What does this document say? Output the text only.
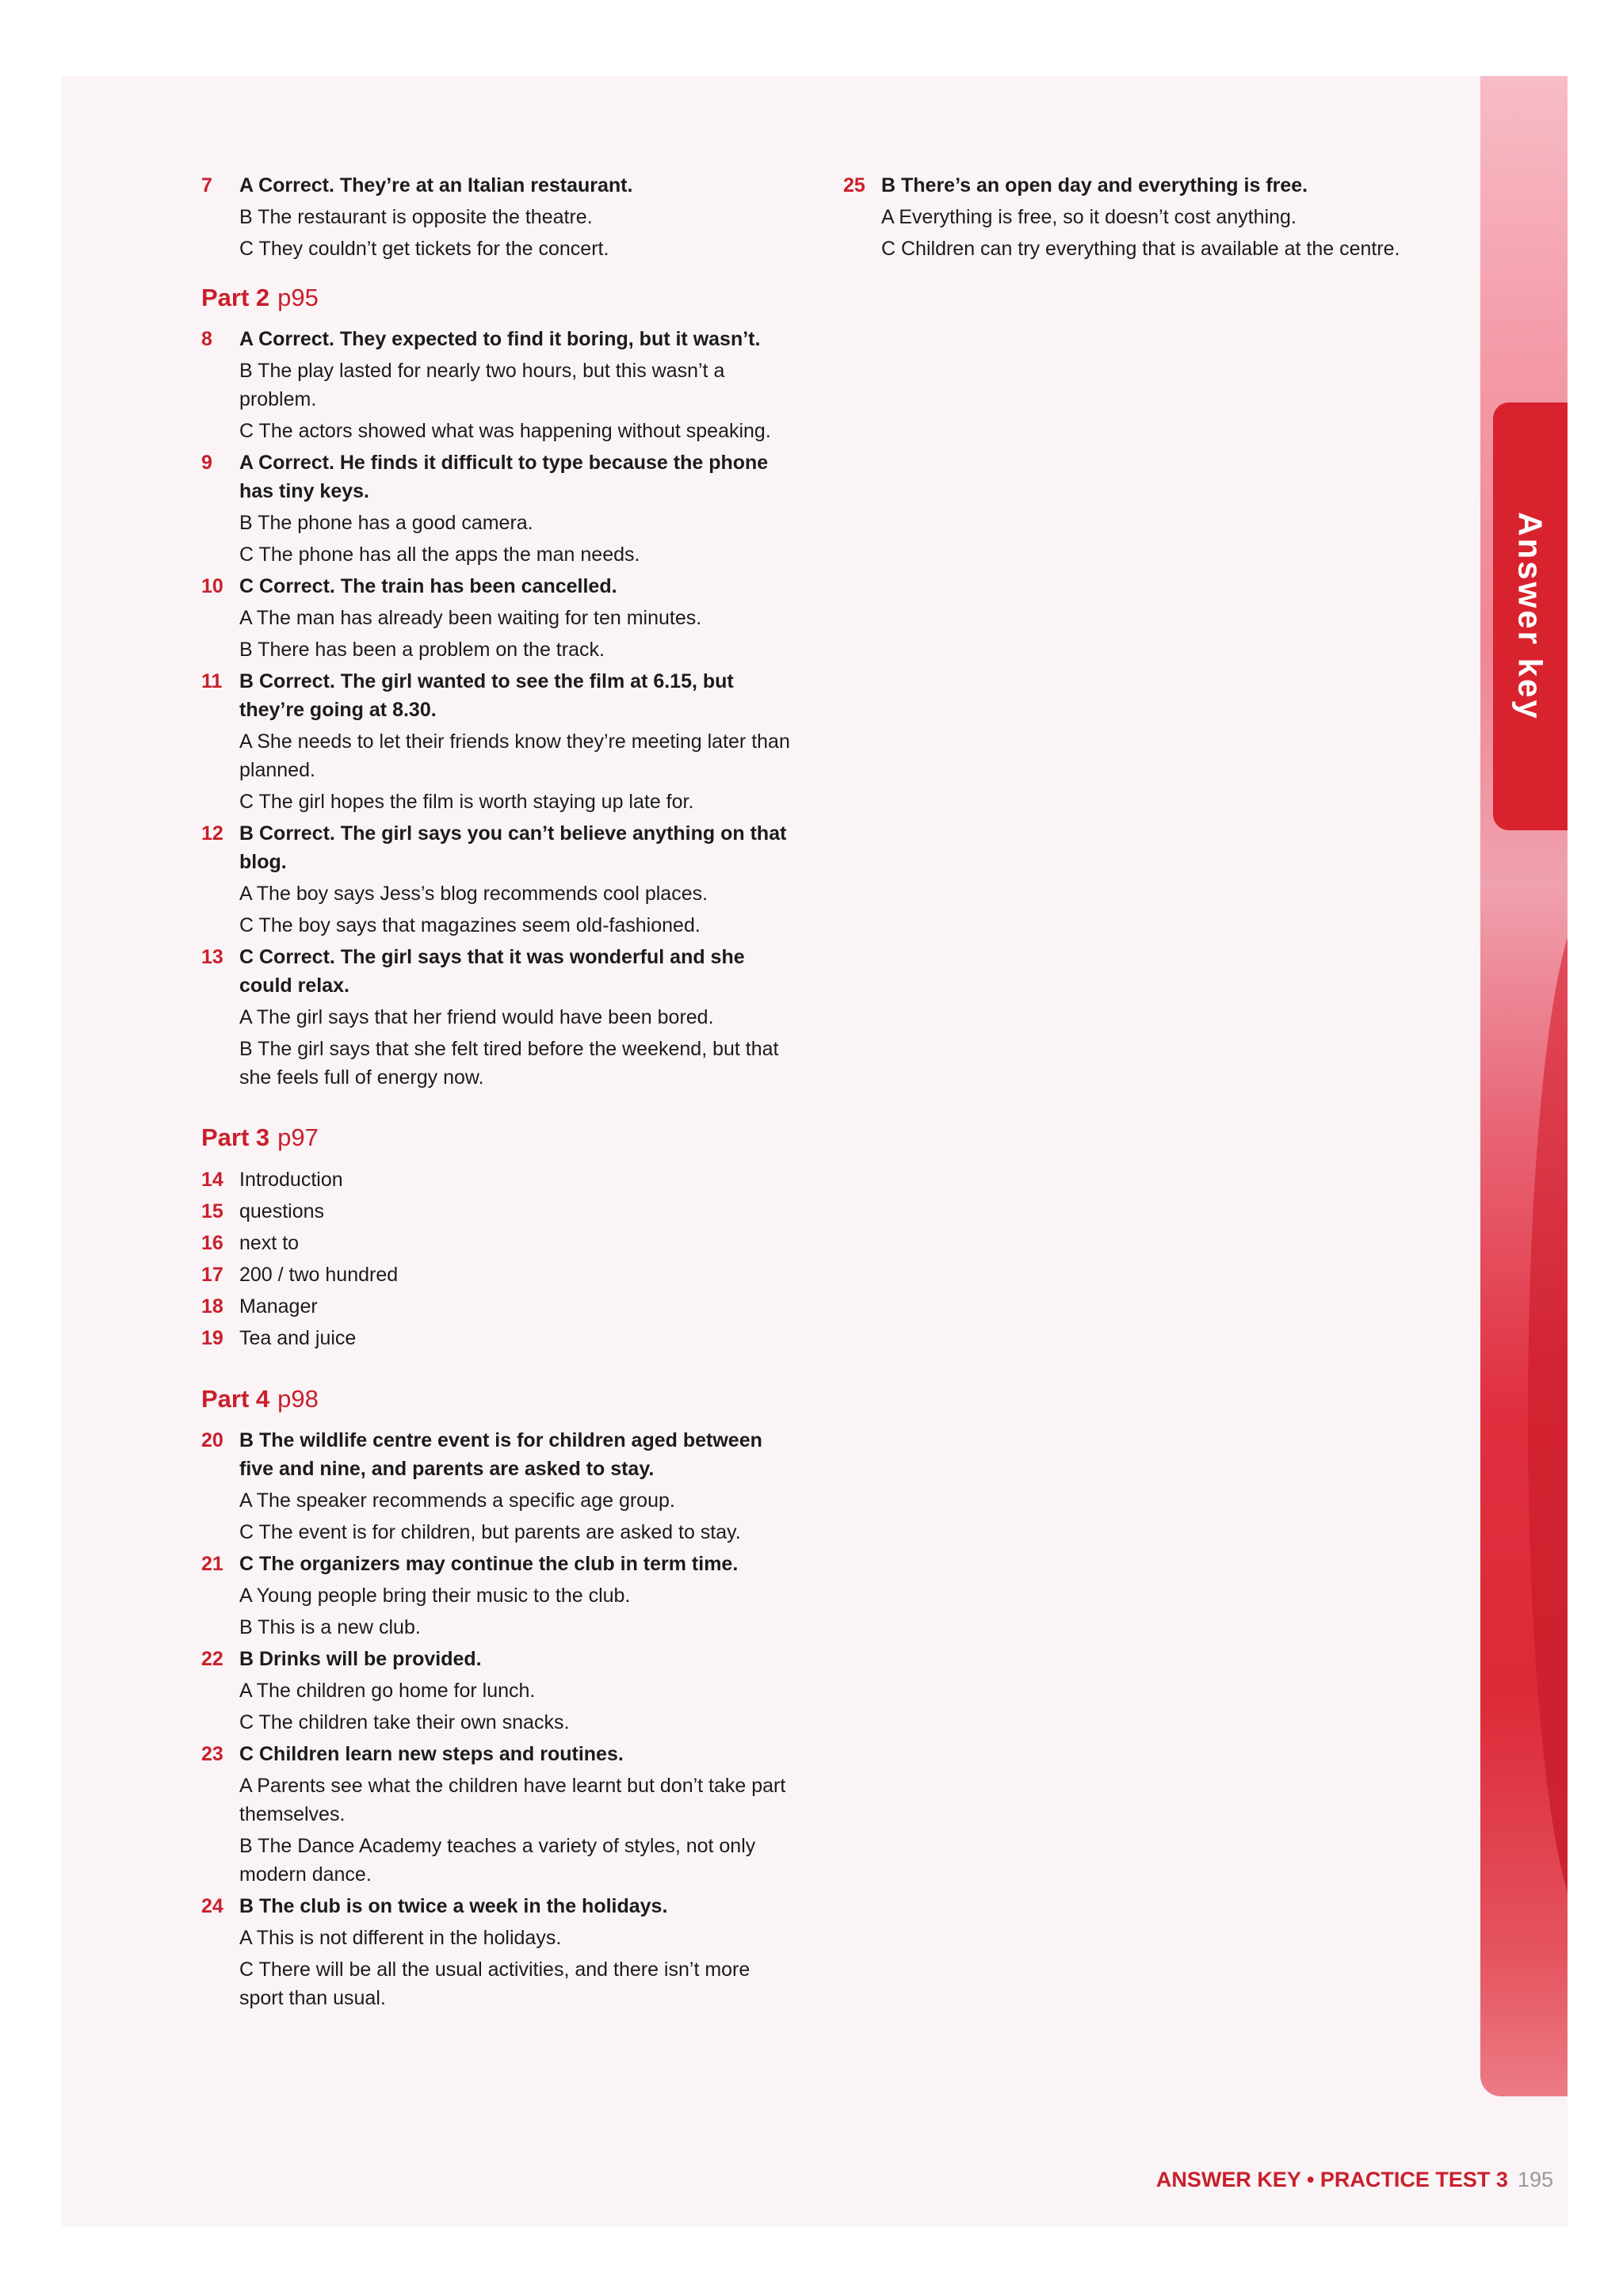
Answer key
7 A Correct. They’re at an Italian restaurant.

B The restaurant is opposite the theatre.

C They couldn’t get tickets for the concert.

Part 2 p95
8 A Correct. They expected to find it boring, but it wasn’t.

B The play lasted for nearly two hours, but this wasn’t a problem.

C The actors showed what was happening without speaking.

9 A Correct. He finds it difficult to type because the phone has tiny keys.

B The phone has a good camera.

C The phone has all the apps the man needs.

10 C Correct. The train has been cancelled.

A The man has already been waiting for ten minutes.

B There has been a problem on the track.

11 B Correct. The girl wanted to see the film at 6.15, but they’re going at 8.30.

A She needs to let their friends know they’re meeting later than planned.

C The girl hopes the film is worth staying up late for.

12 B Correct. The girl says you can’t believe anything on that blog.

A The boy says Jess’s blog recommends cool places.

C The boy says that magazines seem old-fashioned.

13 C Correct. The girl says that it was wonderful and she could relax.

A The girl says that her friend would have been bored.

B The girl says that she felt tired before the weekend, but that she feels full of energy now.

Part 3 p97
14 Introduction
15 questions
16 next to
17 200 / two hundred
18 Manager
19 Tea and juice
Part 4 p98
20 B The wildlife centre event is for children aged between five and nine, and parents are asked to stay.

A The speaker recommends a specific age group.

C The event is for children, but parents are asked to stay.

21 C The organizers may continue the club in term time.

A Young people bring their music to the club.

B This is a new club.

22 B Drinks will be provided.

A The children go home for lunch.

C The children take their own snacks.

23 C Children learn new steps and routines.

A Parents see what the children have learnt but don’t take part themselves.

B The Dance Academy teaches a variety of styles, not only modern dance.

24 B The club is on twice a week in the holidays.

A This is not different in the holidays.

C There will be all the usual activities, and there isn’t more sport than usual.

25 B There’s an open day and everything is free.

A Everything is free, so it doesn’t cost anything.

C Children can try everything that is available at the centre.

ANSWER KEY • PRACTICE TEST 3 195
